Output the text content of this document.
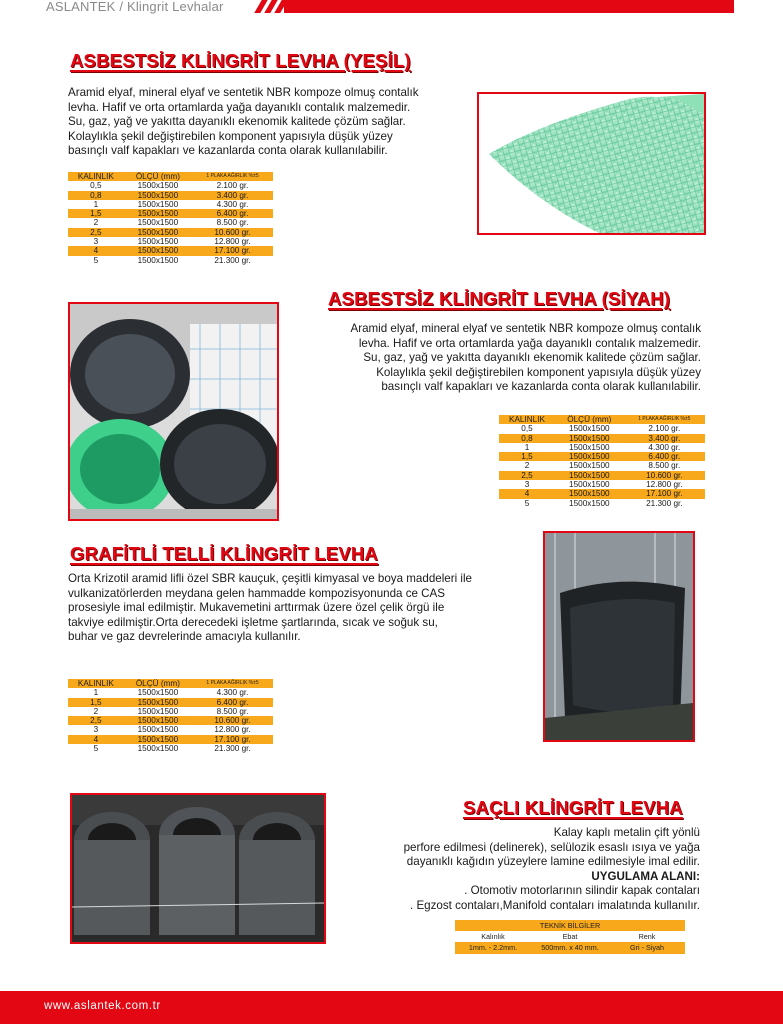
ASLANTEK / Klingrit Levhalar
ASBESTSİZ KLİNGRİT LEVHA (YEŞİL)

Aramid elyaf, mineral elyaf ve sentetik NBR kompoze olmuş contalık

levha. Hafif ve orta ortamlarda yağa dayanıklı contalık malzemedir.

Su, gaz, yağ ve yakıtta dayanıklı ekenomik kalitede çözüm sağlar.

Kolaylıkla şekil değiştirebilen komponent yapısıyla düşük yüzey

basınçlı valf kapakları ve kazanlarda conta olarak kullanılabilir.

KALINLIK	ÖLÇÜ (mm)	1 PLAKA AĞIRLIK %±5
0,5	1500x1500	2.100 gr.
0,8	1500x1500	3.400 gr.
1	1500x1500	4.300 gr.
1,5	1500x1500	6.400 gr.
2	1500x1500	8.500 gr.
2,5	1500x1500	10.600 gr.
3	1500x1500	12.800 gr.
4	1500x1500	17.100 gr.
5	1500x1500	21.300 gr.
ASBESTSİZ KLİNGRİT LEVHA (SİYAH)

Aramid elyaf, mineral elyaf ve sentetik NBR kompoze olmuş contalık

levha. Hafif ve orta ortamlarda yağa dayanıklı contalık malzemedir.

Su, gaz, yağ ve yakıtta dayanıklı ekenomik kalitede çözüm sağlar.

Kolaylıkla şekil değiştirebilen komponent yapısıyla düşük yüzey

basınçlı valf kapakları ve kazanlarda conta olarak kullanılabilir.

KALINLIK	ÖLÇÜ (mm)	1 PLAKA AĞIRLIK %±5
0,5	1500x1500	2.100 gr.
0,8	1500x1500	3.400 gr.
1	1500x1500	4.300 gr.
1,5	1500x1500	6.400 gr.
2	1500x1500	8.500 gr.
2,5	1500x1500	10.600 gr.
3	1500x1500	12.800 gr.
4	1500x1500	17.100 gr.
5	1500x1500	21.300 gr.
GRAFİTLİ TELLİ KLİNGRİT LEVHA

Orta Krizotil aramid lifli özel SBR kauçuk, çeşitli kimyasal ve boya maddeleri ile

vulkanizatörlerden meydana gelen hammadde kompozisyonunda ce CAS

prosesiyle imal edilmiştir. Mukavemetini arttırmak üzere özel çelik örgü ile

takviye edilmiştir.Orta derecedeki işletme şartlarında, sıcak ve soğuk su,

buhar ve gaz devrelerinde amacıyla kullanılır.

KALINLIK	ÖLÇÜ (mm)	1 PLAKA AĞIRLIK %±5
1	1500x1500	4.300 gr.
1,5	1500x1500	6.400 gr.
2	1500x1500	8.500 gr.
2,5	1500x1500	10.600 gr.
3	1500x1500	12.800 gr.
4	1500x1500	17.100 gr.
5	1500x1500	21.300 gr.
SAÇLI KLİNGRİT LEVHA

Kalay kaplı metalin çift yönlü

perfore edilmesi (delinerek), selülozik esaslı ısıya ve yağa

dayanıklı kağıdın yüzeylere lamine edilmesiyle imal edilir.

UYGULAMA ALANI:

. Otomotiv motorlarının silindir kapak contaları

. Egzost contaları,Manifold contaları imalatında kullanılır.

TEKNİK BİLGİLER
Kalınlık	Ebat	Renk
1mm. - 2.2mm.	500mm. x 40 mm.	Gri - Siyah
www.aslantek.com.tr
